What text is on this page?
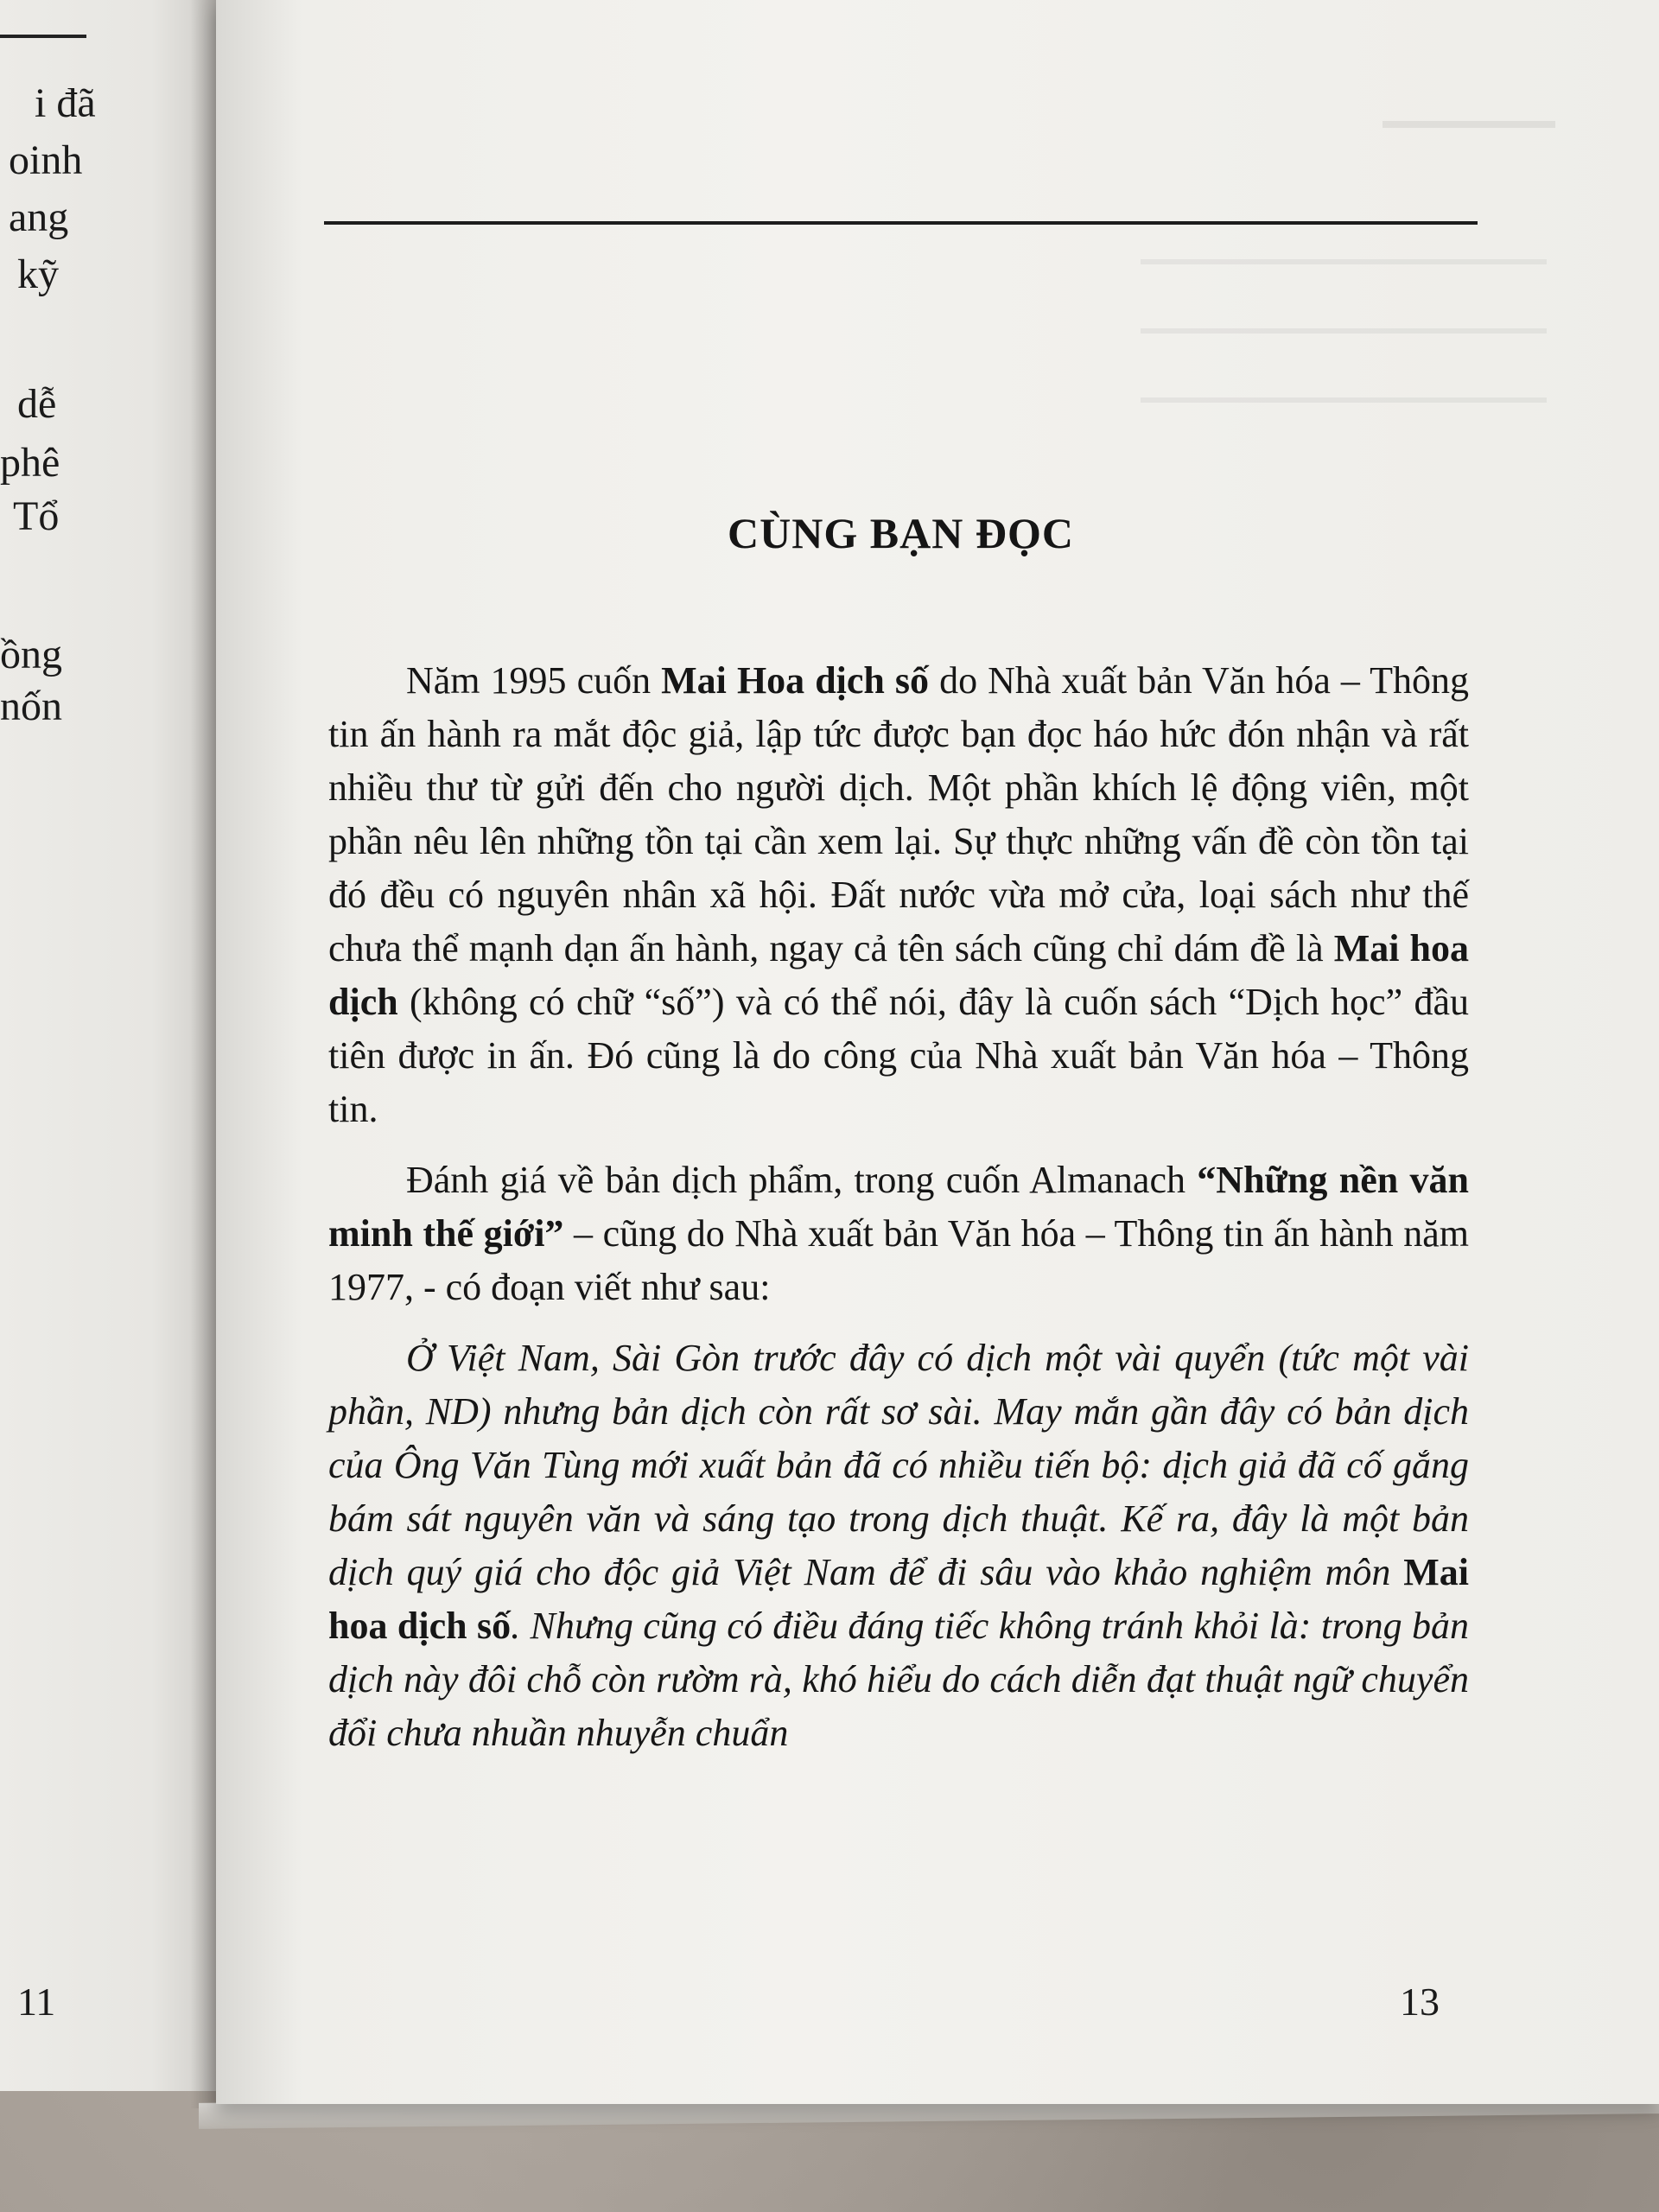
i đã
oinh
ang
kỹ
dễ
phê
Tổ
ồng
nốn
11
CÙNG BẠN ĐỌC

Năm 1995 cuốn Mai Hoa dịch số do Nhà xuất bản Văn hóa – Thông tin ấn hành ra mắt độc giả, lập tức được bạn đọc háo hức đón nhận và rất nhiều thư từ gửi đến cho người dịch. Một phần khích lệ động viên, một phần nêu lên những tồn tại cần xem lại. Sự thực những vấn đề còn tồn tại đó đều có nguyên nhân xã hội. Đất nước vừa mở cửa, loại sách như thế chưa thể mạnh dạn ấn hành, ngay cả tên sách cũng chỉ dám đề là Mai hoa dịch (không có chữ “số”) và có thể nói, đây là cuốn sách “Dịch học” đầu tiên được in ấn. Đó cũng là do công của Nhà xuất bản Văn hóa – Thông tin.

Đánh giá về bản dịch phẩm, trong cuốn Almanach “Những nền văn minh thế giới” – cũng do Nhà xuất bản Văn hóa – Thông tin ấn hành năm 1977, - có đoạn viết như sau:

Ở Việt Nam, Sài Gòn trước đây có dịch một vài quyển (tức một vài phần, ND) nhưng bản dịch còn rất sơ sài. May mắn gần đây có bản dịch của Ông Văn Tùng mới xuất bản đã có nhiều tiến bộ: dịch giả đã cố gắng bám sát nguyên văn và sáng tạo trong dịch thuật. Kế ra, đây là một bản dịch quý giá cho độc giả Việt Nam để đi sâu vào khảo nghiệm môn Mai hoa dịch số. Nhưng cũng có điều đáng tiếc không tránh khỏi là: trong bản dịch này đôi chỗ còn rườm rà, khó hiểu do cách diễn đạt thuật ngữ chuyển đổi chưa nhuần nhuyễn chuẩn

13
